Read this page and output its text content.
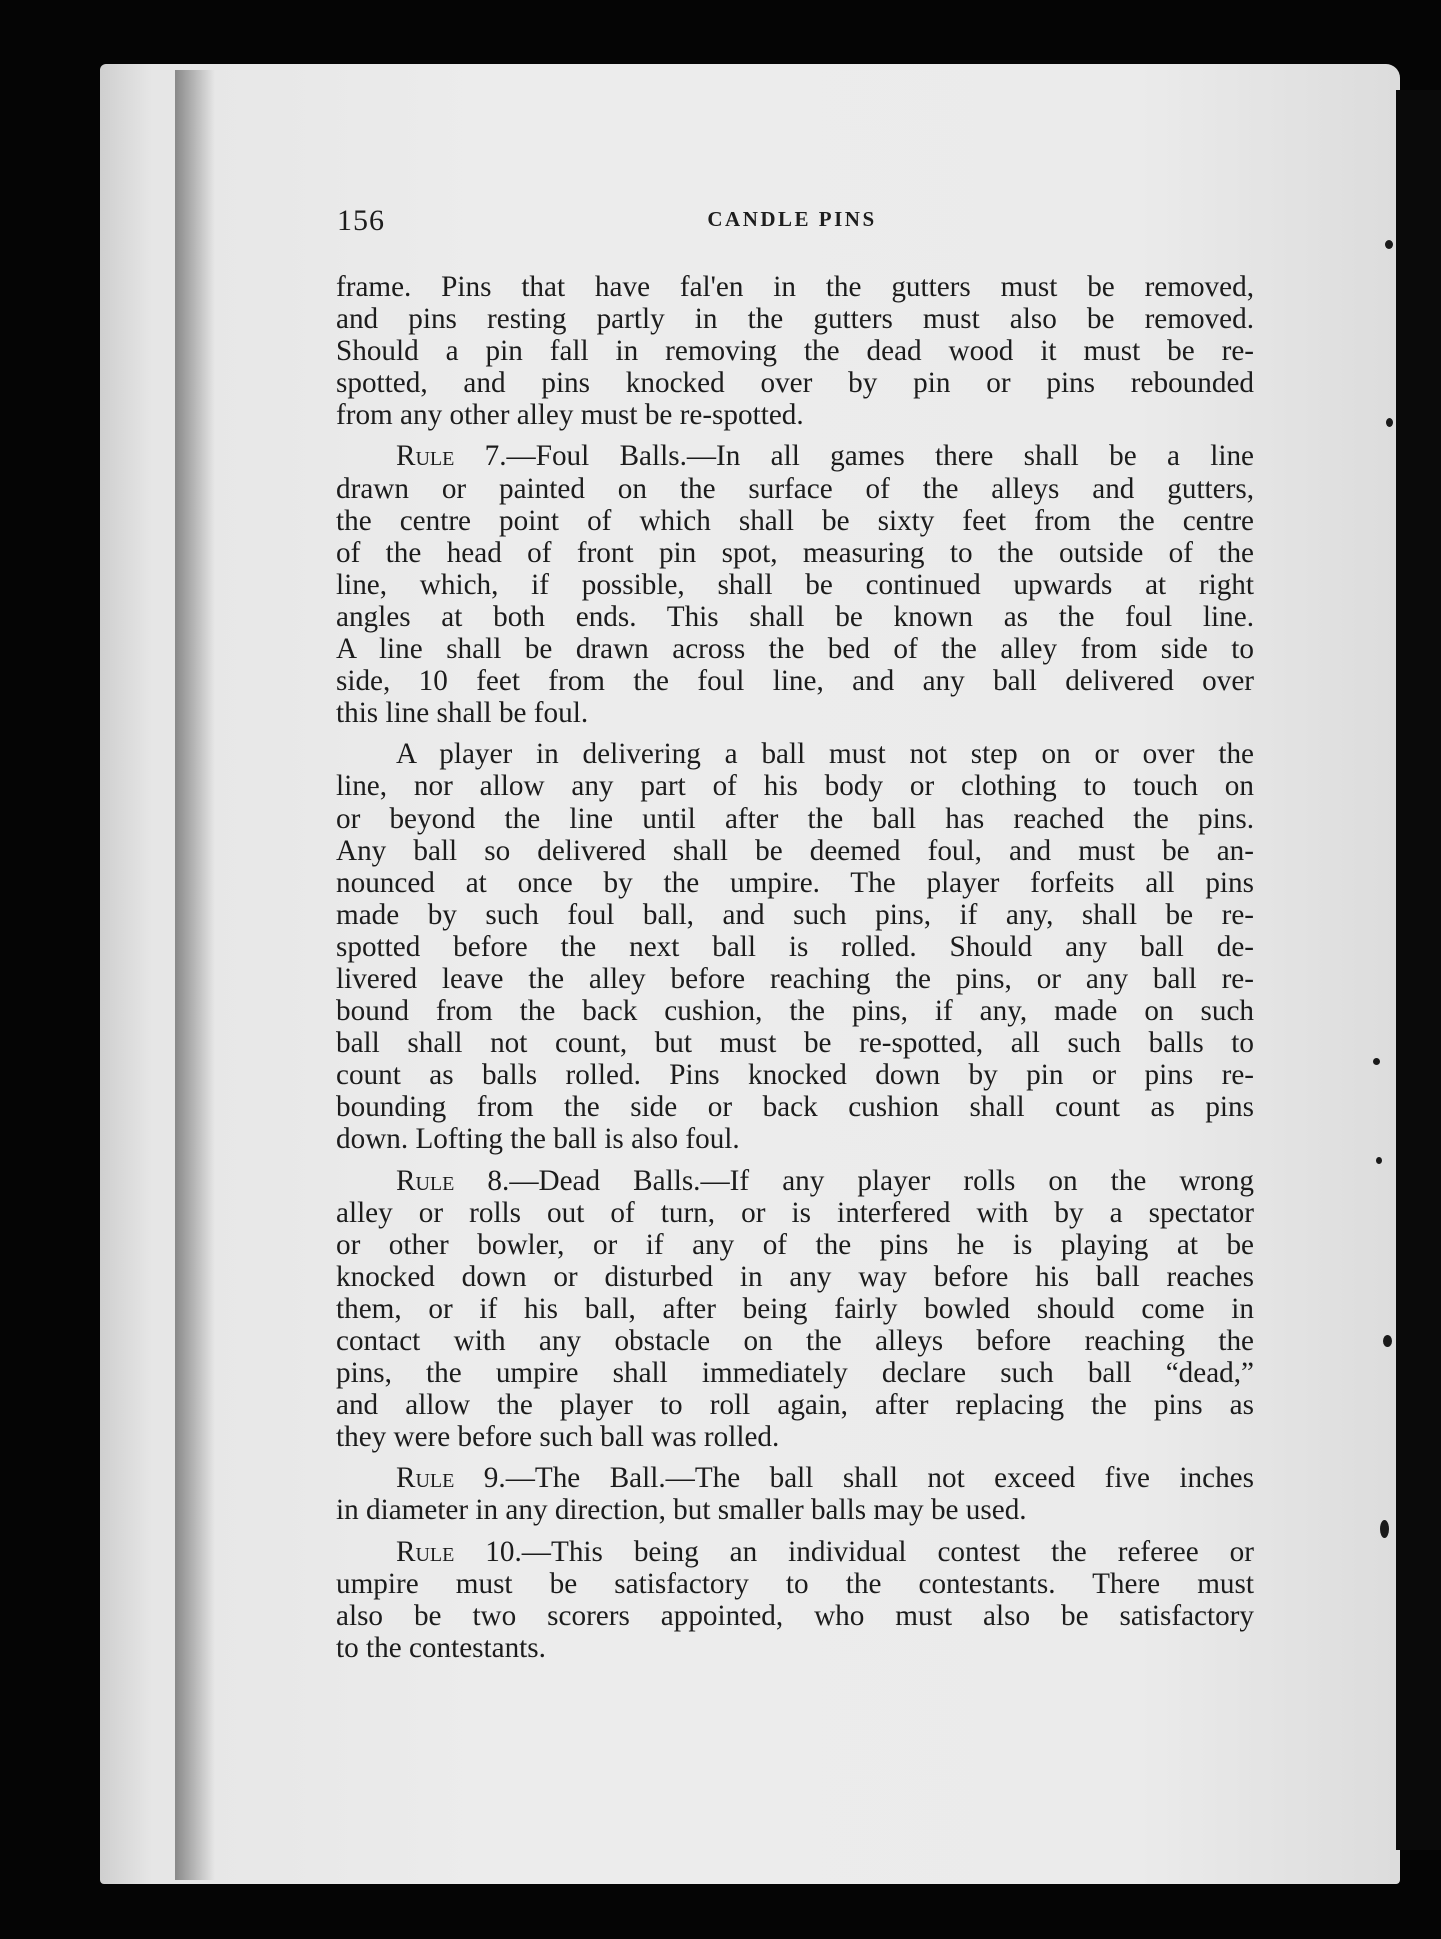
156	CANDLE PINS
frame. Pins that have fal'en in the gutters must be removed,
and pins resting partly in the gutters must also be removed.
Should a pin fall in removing the dead wood it must be re-
spotted, and pins knocked over by pin or pins rebounded
from any other alley must be re-spotted.
Rule 7.—Foul Balls.—In all games there shall be a line
drawn or painted on the surface of the alleys and gutters,
the centre point of which shall be sixty feet from the centre
of the head of front pin spot, measuring to the outside of the
line, which, if possible, shall be continued upwards at right
angles at both ends. This shall be known as the foul line.
A line shall be drawn across the bed of the alley from side to
side, 10 feet from the foul line, and any ball delivered over
this line shall be foul.
A player in delivering a ball must not step on or over the
line, nor allow any part of his body or clothing to touch on
or beyond the line until after the ball has reached the pins.
Any ball so delivered shall be deemed foul, and must be an-
nounced at once by the umpire. The player forfeits all pins
made by such foul ball, and such pins, if any, shall be re-
spotted before the next ball is rolled. Should any ball de-
livered leave the alley before reaching the pins, or any ball re-
bound from the back cushion, the pins, if any, made on such
ball shall not count, but must be re-spotted, all such balls to
count as balls rolled. Pins knocked down by pin or pins re-
bounding from the side or back cushion shall count as pins
down. Lofting the ball is also foul.
Rule 8.—Dead Balls.—If any player rolls on the wrong
alley or rolls out of turn, or is interfered with by a spectator
or other bowler, or if any of the pins he is playing at be
knocked down or disturbed in any way before his ball reaches
them, or if his ball, after being fairly bowled should come in
contact with any obstacle on the alleys before reaching the
pins, the umpire shall immediately declare such ball “dead,”
and allow the player to roll again, after replacing the pins as
they were before such ball was rolled.
Rule 9.—The Ball.—The ball shall not exceed five inches
in diameter in any direction, but smaller balls may be used.
Rule 10.—This being an individual contest the referee or
umpire must be satisfactory to the contestants. There must
also be two scorers appointed, who must also be satisfactory
to the contestants.
